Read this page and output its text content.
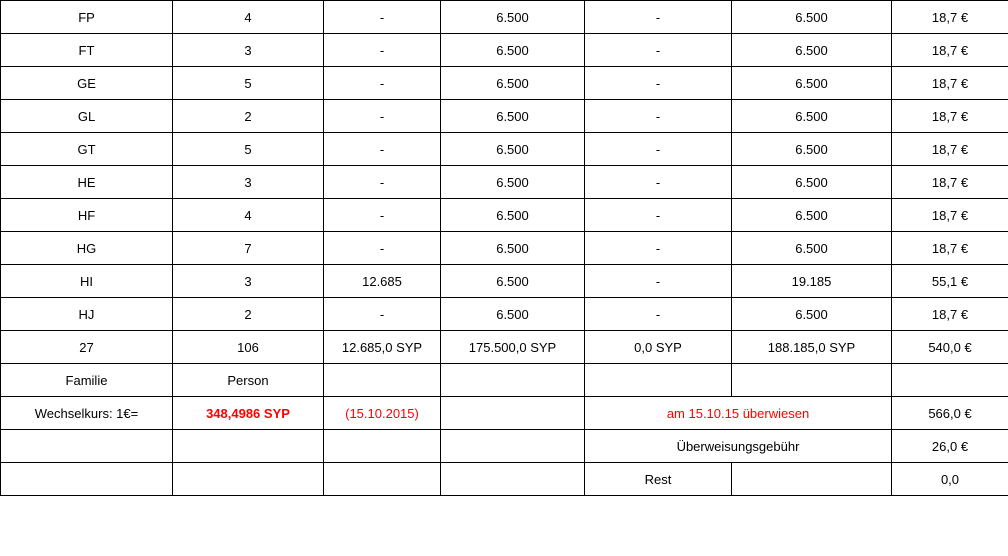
FP	4	-	6.500	-	6.500	18,7 €
FT	3	-	6.500	-	6.500	18,7 €
GE	5	-	6.500	-	6.500	18,7 €
GL	2	-	6.500	-	6.500	18,7 €
GT	5	-	6.500	-	6.500	18,7 €
HE	3	-	6.500	-	6.500	18,7 €
HF	4	-	6.500	-	6.500	18,7 €
HG	7	-	6.500	-	6.500	18,7 €
HI	3	12.685	6.500	-	19.185	55,1 €
HJ	2	-	6.500	-	6.500	18,7 €
27	106	12.685,0 SYP	175.500,0 SYP	0,0 SYP	188.185,0 SYP	540,0 €
Familie	Person					
Wechselkurs: 1€=	348,4986 SYP	(15.10.2015)		am 15.10.15 überwiesen		566,0 €
				Überweisungsgebühr		26,0 €
				Rest		0,0
